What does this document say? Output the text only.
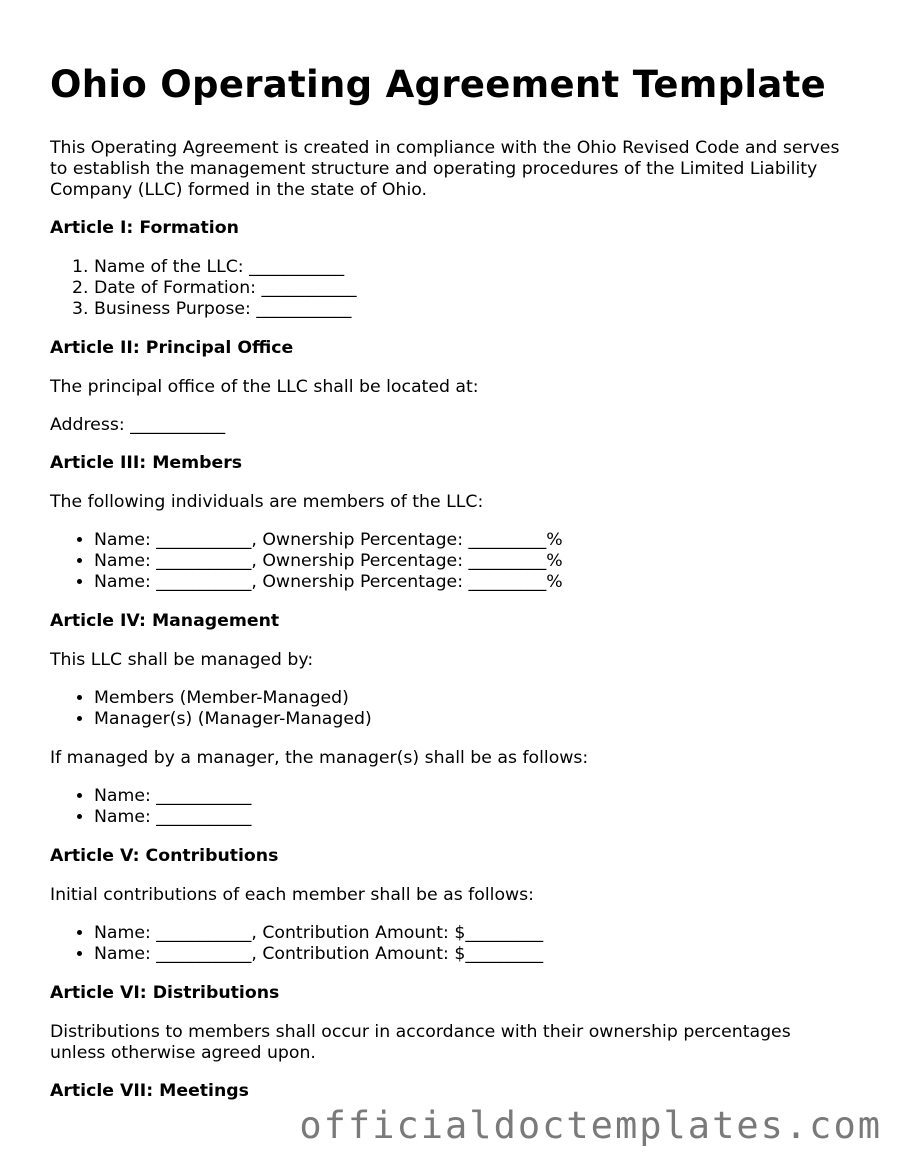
Ohio Operating Agreement Template

This Operating Agreement is created in compliance with the Ohio Revised Code and serves to establish the management structure and operating procedures of the Limited Liability Company (LLC) formed in the state of Ohio.

Article I: Formation
1. Name of the LLC: ___________
2. Date of Formation: ___________
3. Business Purpose: ___________
Article II: Principal Office

The principal office of the LLC shall be located at:

Address: ___________

Article III: Members

The following individuals are members of the LLC:

• Name: ___________, Ownership Percentage: _________%
• Name: ___________, Ownership Percentage: _________%
• Name: ___________, Ownership Percentage: _________%
Article IV: Management

This LLC shall be managed by:

• Members (Member-Managed)
• Manager(s) (Manager-Managed)

If managed by a manager, the manager(s) shall be as follows:

• Name: ___________
• Name: ___________
Article V: Contributions

Initial contributions of each member shall be as follows:

• Name: ___________, Contribution Amount: $_________
• Name: ___________, Contribution Amount: $_________
Article VI: Distributions

Distributions to members shall occur in accordance with their ownership percentages unless otherwise agreed upon.

Article VII: Meetings
officialdoctemplates.com
